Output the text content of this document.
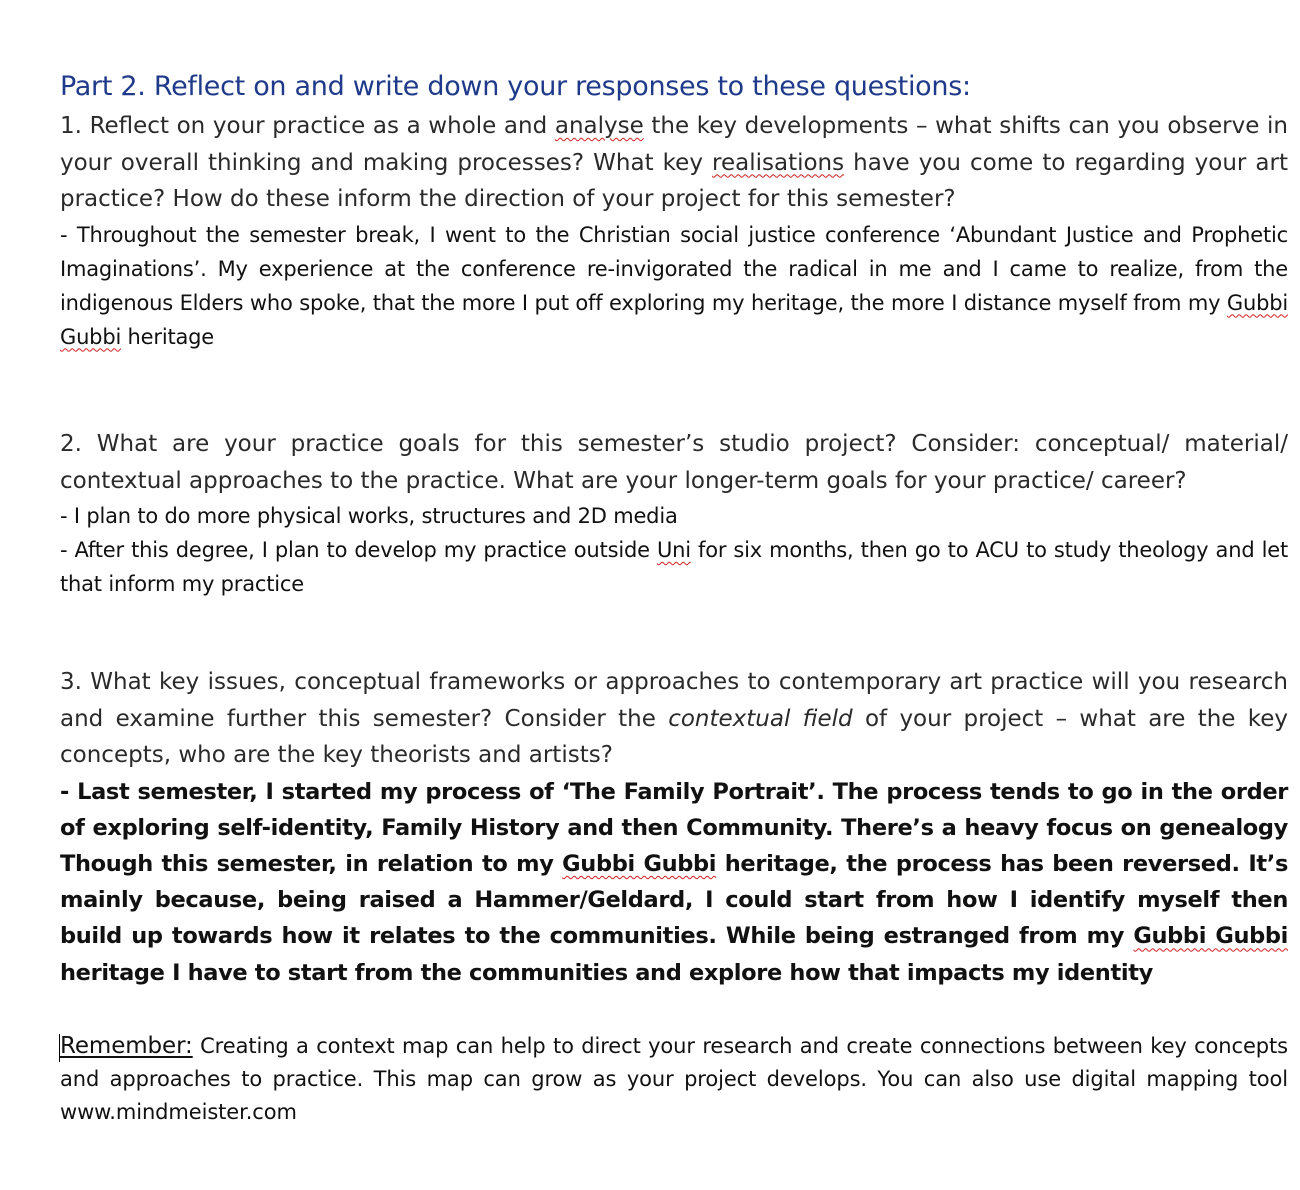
Part 2. Reflect on and write down your responses to these questions:

1. Reflect on your practice as a whole and analyse the key developments – what shifts can you observe in your overall thinking and making processes? What key realisations have you come to regarding your art practice? How do these inform the direction of your project for this semester?

- Throughout the semester break, I went to the Christian social justice conference ‘Abundant Justice and Prophetic Imaginations’. My experience at the conference re-invigorated the radical in me and I came to realize, from the indigenous Elders who spoke, that the more I put off exploring my heritage, the more I distance myself from my Gubbi Gubbi heritage

2. What are your practice goals for this semester’s studio project? Consider: conceptual/ material/ contextual approaches to the practice. What are your longer-term goals for your practice/ career?

- I plan to do more physical works, structures and 2D media

- After this degree, I plan to develop my practice outside Uni for six months, then go to ACU to study theology and let that inform my practice

3. What key issues, conceptual frameworks or approaches to contemporary art practice will you research and examine further this semester? Consider the contextual field of your project – what are the key concepts, who are the key theorists and artists?

- Last semester, I started my process of ‘The Family Portrait’. The process tends to go in the order of exploring self-identity, Family History and then Community. There’s a heavy focus on genealogy Though this semester, in relation to my Gubbi Gubbi heritage, the process has been reversed. It’s mainly because, being raised a Hammer/Geldard, I could start from how I identify myself then build up towards how it relates to the communities. While being estranged from my Gubbi Gubbi heritage I have to start from the communities and explore how that impacts my identity

Remember: Creating a context map can help to direct your research and create connections between key concepts and approaches to practice. This map can grow as your project develops. You can also use digital mapping tool www.mindmeister.com
